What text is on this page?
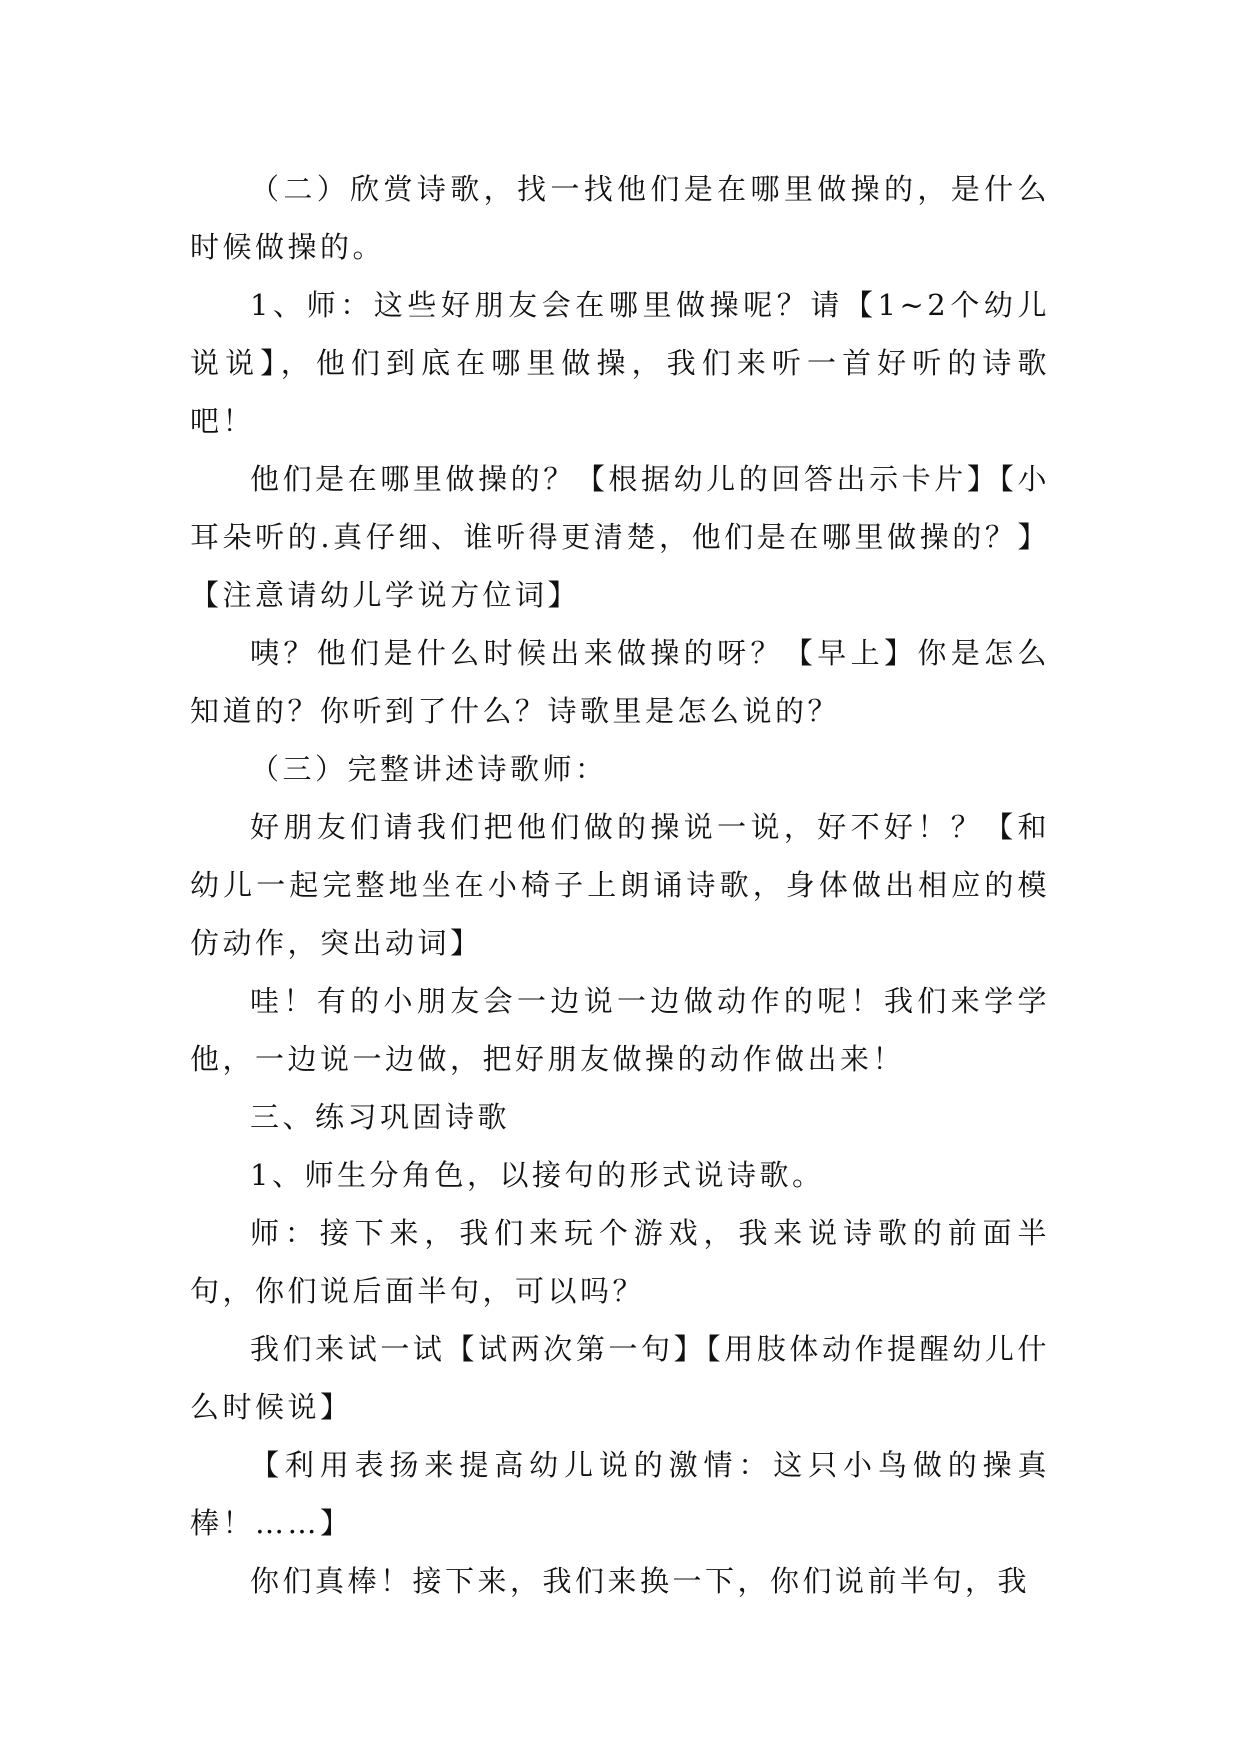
（二）欣赏诗歌，找一找他们是在哪里做操的，是什么时候做操的。

1、师：这些好朋友会在哪里做操呢？请【1~2个幼儿说说】，他们到底在哪里做操，我们来听一首好听的诗歌吧！

他们是在哪里做操的？【根据幼儿的回答出示卡片】【小耳朵听的.真仔细、谁听得更清楚，他们是在哪里做操的？】【注意请幼儿学说方位词】

咦？他们是什么时候出来做操的呀？【早上】你是怎么知道的？你听到了什么？诗歌里是怎么说的？

（三）完整讲述诗歌师：

好朋友们请我们把他们做的操说一说，好不好！？【和幼儿一起完整地坐在小椅子上朗诵诗歌，身体做出相应的模仿动作，突出动词】

哇！有的小朋友会一边说一边做动作的呢！我们来学学他，一边说一边做，把好朋友做操的动作做出来！

三、练习巩固诗歌

1、师生分角色，以接句的形式说诗歌。

师：接下来，我们来玩个游戏，我来说诗歌的前面半句，你们说后面半句，可以吗？

我们来试一试【试两次第一句】【用肢体动作提醒幼儿什么时候说】

【利用表扬来提高幼儿说的激情：这只小鸟做的操真棒！……】

你们真棒！接下来，我们来换一下，你们说前半句，我
